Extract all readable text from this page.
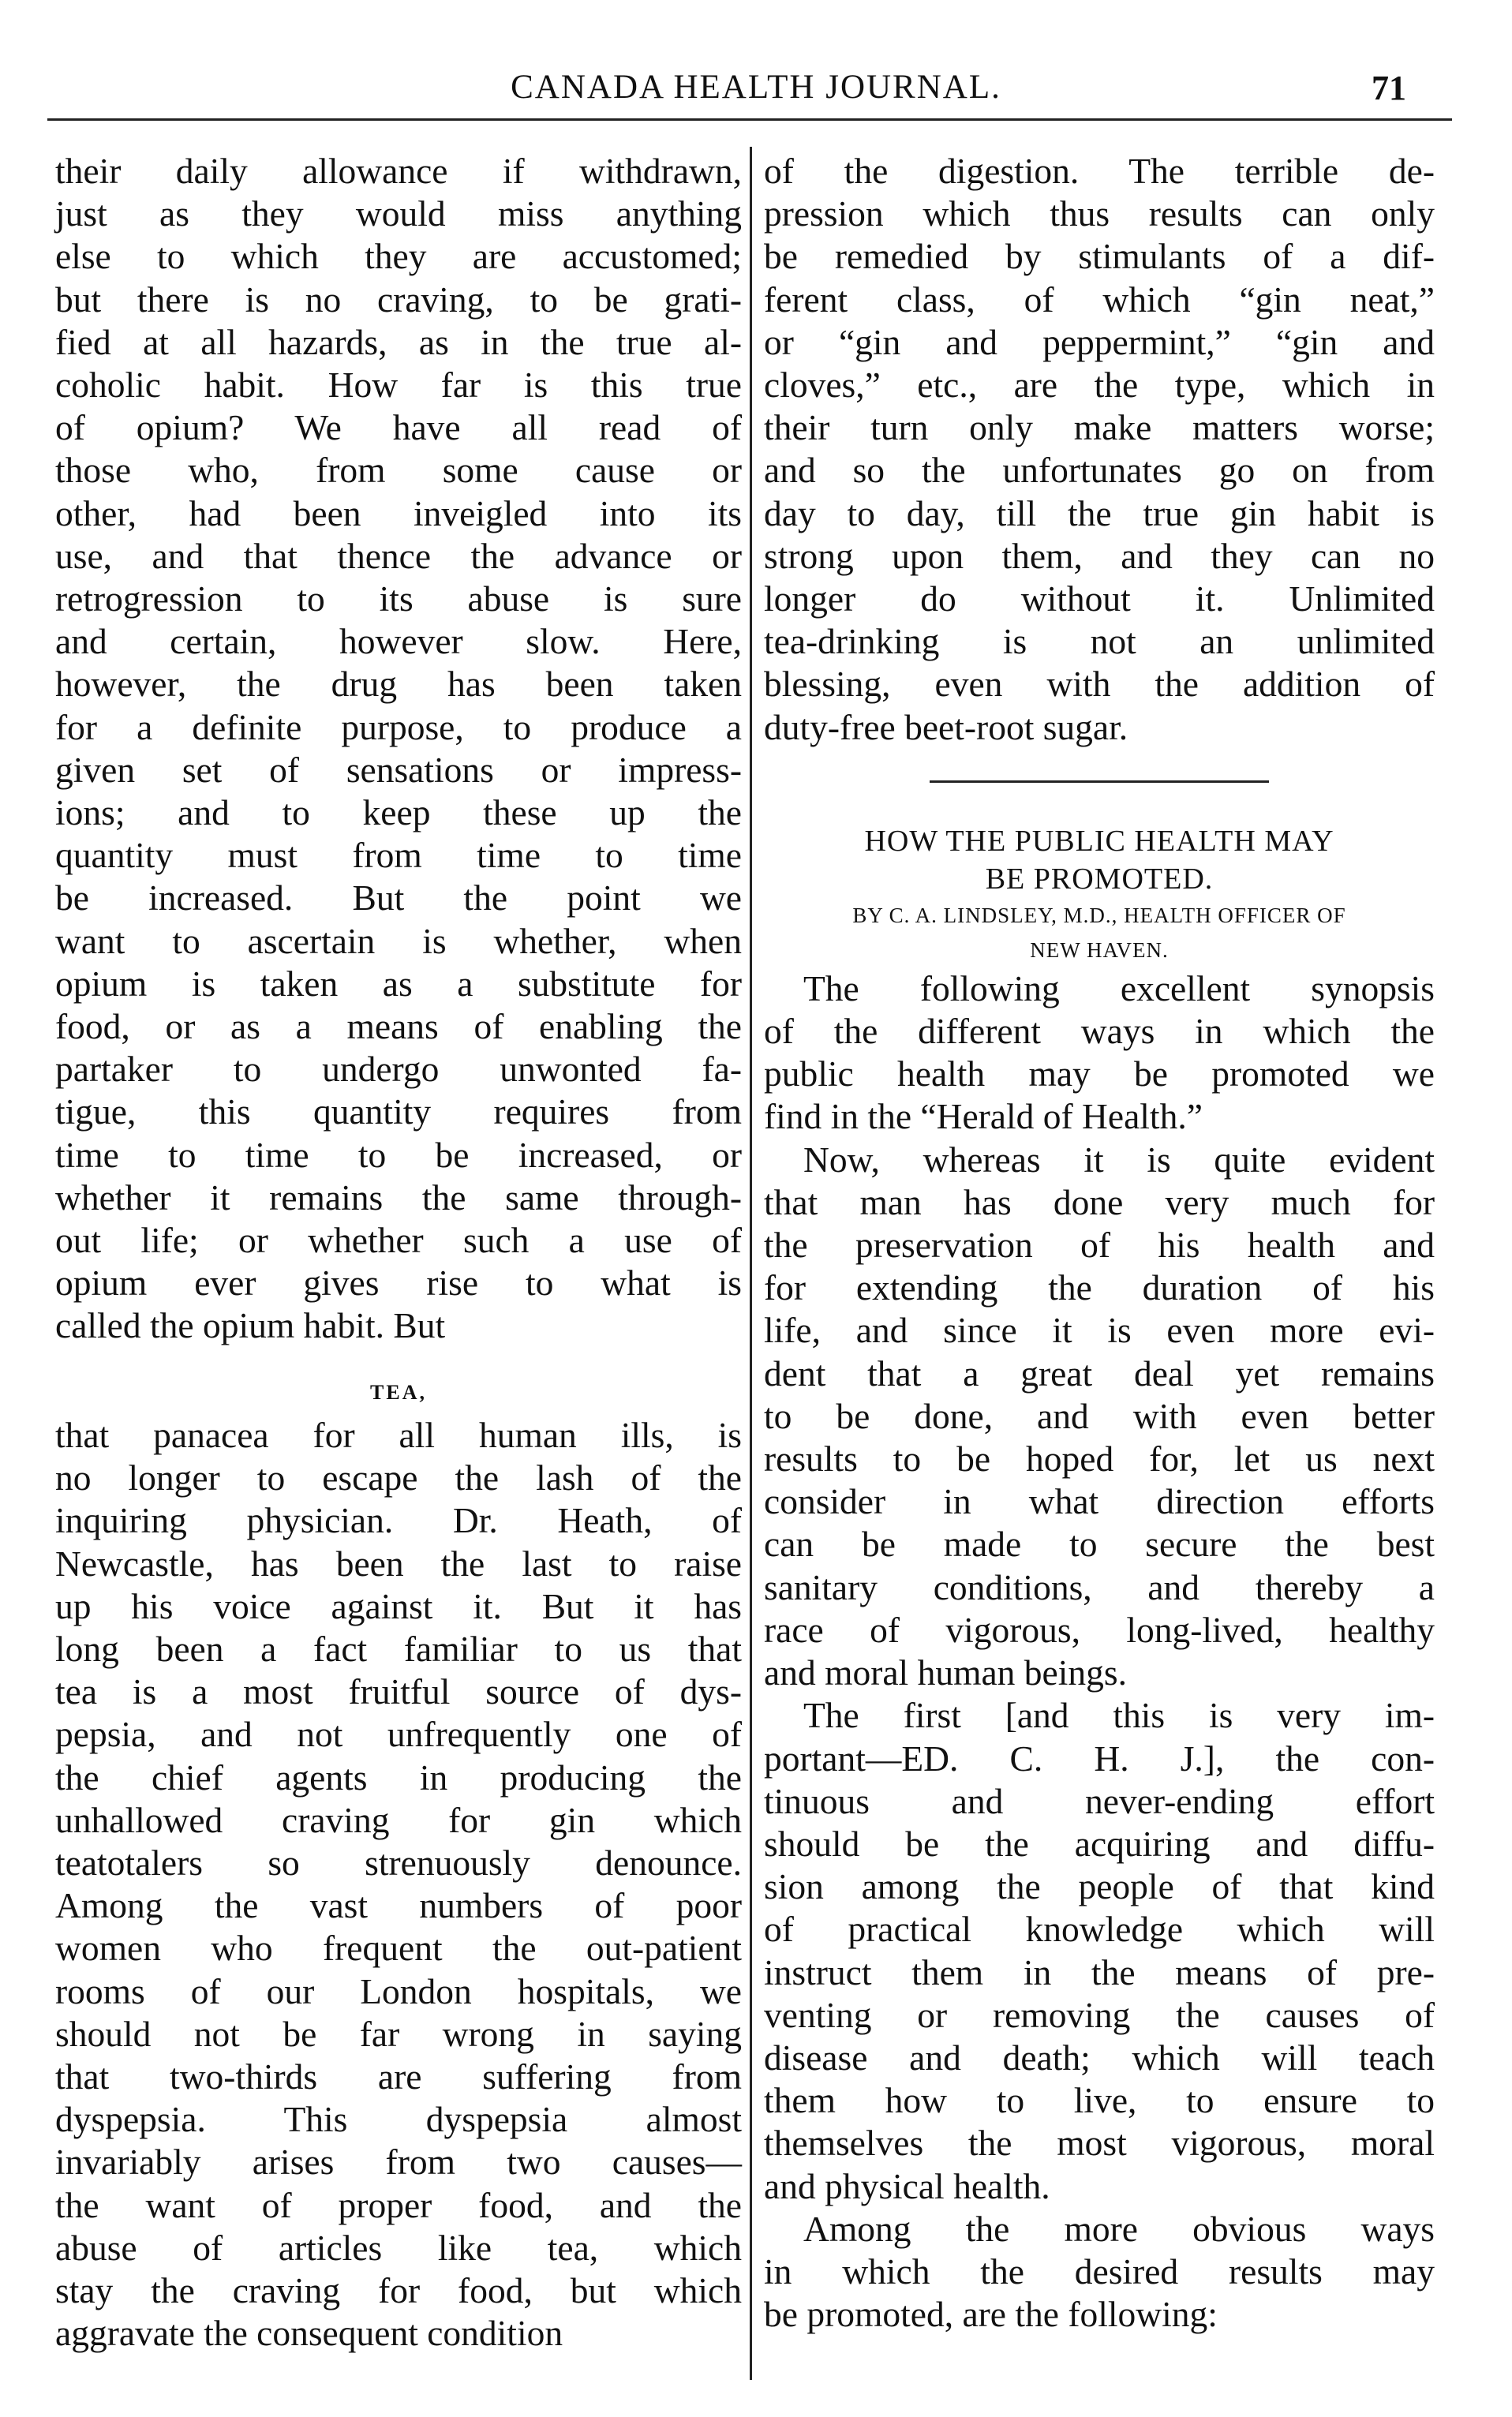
CANADA HEALTH JOURNAL.	71
their daily allowance if withdrawn,
just as they would miss anything
else to which they are accustomed;
but there is no craving, to be grati-
fied at all hazards, as in the true al-
coholic habit. How far is this true
of opium? We have all read of
those who, from some cause or
other, had been inveigled into its
use, and that thence the advance or
retrogression to its abuse is sure
and certain, however slow. Here,
however, the drug has been taken
for a definite purpose, to produce a
given set of sensations or impress-
ions; and to keep these up the
quantity must from time to time
be increased. But the point we
want to ascertain is whether, when
opium is taken as a substitute for
food, or as a means of enabling the
partaker to undergo unwonted fa-
tigue, this quantity requires from
time to time to be increased, or
whether it remains the same through-
out life; or whether such a use of
opium ever gives rise to what is
called the opium habit. But
TEA,
that panacea for all human ills, is
no longer to escape the lash of the
inquiring physician. Dr. Heath, of
Newcastle, has been the last to raise
up his voice against it. But it has
long been a fact familiar to us that
tea is a most fruitful source of dys-
pepsia, and not unfrequently one of
the chief agents in producing the
unhallowed craving for gin which
teatotalers so strenuously denounce.
Among the vast numbers of poor
women who frequent the out-patient
rooms of our London hospitals, we
should not be far wrong in saying
that two-thirds are suffering from
dyspepsia. This dyspepsia almost
invariably arises from two causes—
the want of proper food, and the
abuse of articles like tea, which
stay the craving for food, but which
aggravate the consequent condition
of the digestion. The terrible de-
pression which thus results can only
be remedied by stimulants of a dif-
ferent class, of which “gin neat,”
or “gin and peppermint,” “gin and
cloves,” etc., are the type, which in
their turn only make matters worse;
and so the unfortunates go on from
day to day, till the true gin habit is
strong upon them, and they can no
longer do without it. Unlimited
tea-drinking is not an unlimited
blessing, even with the addition of
duty-free beet-root sugar.
HOW THE PUBLIC HEALTH MAY
BE PROMOTED.
BY C. A. LINDSLEY, M.D., HEALTH OFFICER OF
NEW HAVEN.
The following excellent synopsis
of the different ways in which the
public health may be promoted we
find in the “Herald of Health.”
Now, whereas it is quite evident
that man has done very much for
the preservation of his health and
for extending the duration of his
life, and since it is even more evi-
dent that a great deal yet remains
to be done, and with even better
results to be hoped for, let us next
consider in what direction efforts
can be made to secure the best
sanitary conditions, and thereby a
race of vigorous, long-lived, healthy
and moral human beings.
The first [and this is very im-
portant—ED. C. H. J.], the con-
tinuous and never-ending effort
should be the acquiring and diffu-
sion among the people of that kind
of practical knowledge which will
instruct them in the means of pre-
venting or removing the causes of
disease and death; which will teach
them how to live, to ensure to
themselves the most vigorous, moral
and physical health.
Among the more obvious ways
in which the desired results may
be promoted, are the following:
